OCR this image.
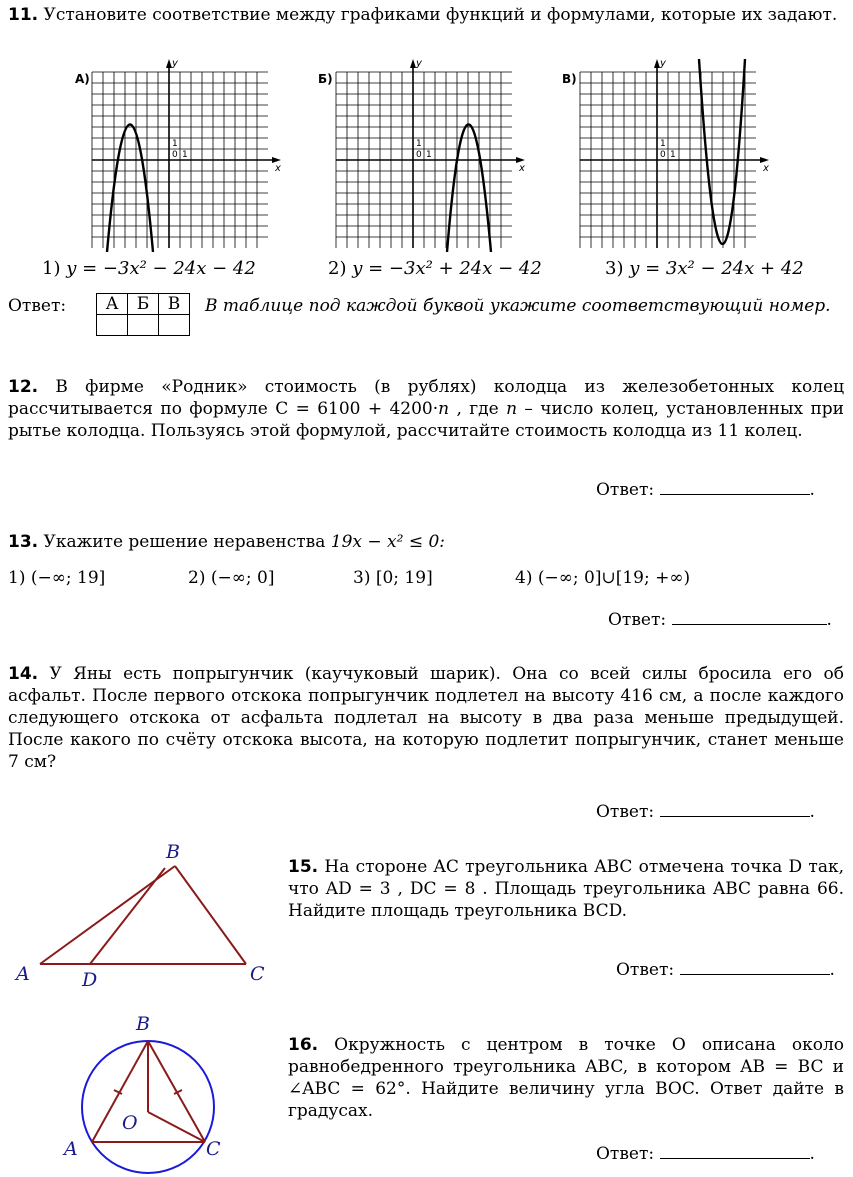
11. Установите соответствие между графиками функций и формулами, которые их задают.
А)
y
x
1
0 1
Б)
y
x
1
0 1
В)
y
x
1
0 1
1) y = −3x² − 24x − 42	2) y = −3x² + 24x − 42	3) y = 3x² − 24x + 42
Ответ: А	Б	В
		В таблице под каждой буквой укажите соответствующий номер.
12. В фирме «Родник» стоимость (в рублях) колодца из железобетонных колец рассчитывается по формуле C = 6100 + 4200·n , где n – число колец, установленных при рытье колодца. Пользуясь этой формулой, рассчитайте стоимость колодца из 11 колец.
Ответ:	.
13. Укажите решение неравенства 19x − x² ≤ 0:
1) (−∞; 19]	2) (−∞; 0]	3) [0; 19]	4) (−∞; 0]∪[19; +∞)
Ответ:	.
14. У Яны есть попрыгунчик (каучуковый шарик). Она со всей силы бросила его об асфальт. После первого отскока попрыгунчик подлетел на высоту 416 см, а после каждого следующего отскока от асфальта подлетал на высоту в два раза меньше предыдущей. После какого по счёту отскока высота, на которую подлетит попрыгунчик, станет меньше 7 см?
Ответ:	.
B
A	C
D
15. На стороне AC треугольника ABC отмечена точка D так, что AD = 3 , DC = 8 . Площадь треугольника ABC равна 66. Найдите площадь треугольника BCD.
Ответ:	.
B
A	C
O
16. Окружность с центром в точке O описана около равнобедренного треугольника ABC, в котором AB = BC и ∠ABC = 62°. Найдите величину угла BOC. Ответ дайте в градусах.
Ответ:	.
